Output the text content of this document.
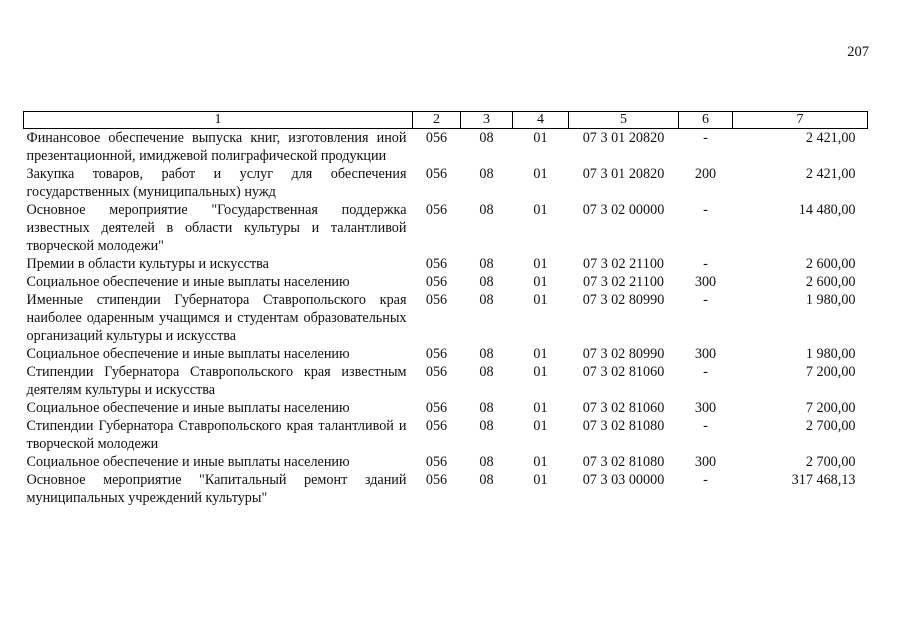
207
1	2	3	4	5	6	7
Финансовое обеспечение выпуска книг, изготовления иной презентационной, имиджевой полиграфической продукции	056	08	01	07 3 01 20820	-	2 421,00
Закупка товаров, работ и услуг для обеспечения государственных (муниципальных) нужд	056	08	01	07 3 01 20820	200	2 421,00
Основное мероприятие "Государственная поддержка известных деятелей в области культуры и талантливой творческой молодежи"	056	08	01	07 3 02 00000	-	14 480,00
Премии в области культуры и искусства	056	08	01	07 3 02 21100	-	2 600,00
Социальное обеспечение и иные выплаты населению	056	08	01	07 3 02 21100	300	2 600,00
Именные стипендии Губернатора Ставропольского края наиболее одаренным учащимся и студентам образовательных организаций культуры и искусства	056	08	01	07 3 02 80990	-	1 980,00
Социальное обеспечение и иные выплаты населению	056	08	01	07 3 02 80990	300	1 980,00
Стипендии Губернатора Ставропольского края известным деятелям культуры и искусства	056	08	01	07 3 02 81060	-	7 200,00
Социальное обеспечение и иные выплаты населению	056	08	01	07 3 02 81060	300	7 200,00
Стипендии Губернатора Ставропольского края талантливой и творческой молодежи	056	08	01	07 3 02 81080	-	2 700,00
Социальное обеспечение и иные выплаты населению	056	08	01	07 3 02 81080	300	2 700,00
Основное мероприятие "Капитальный ремонт зданий муниципальных учреждений культуры"	056	08	01	07 3 03 00000	-	317 468,13
